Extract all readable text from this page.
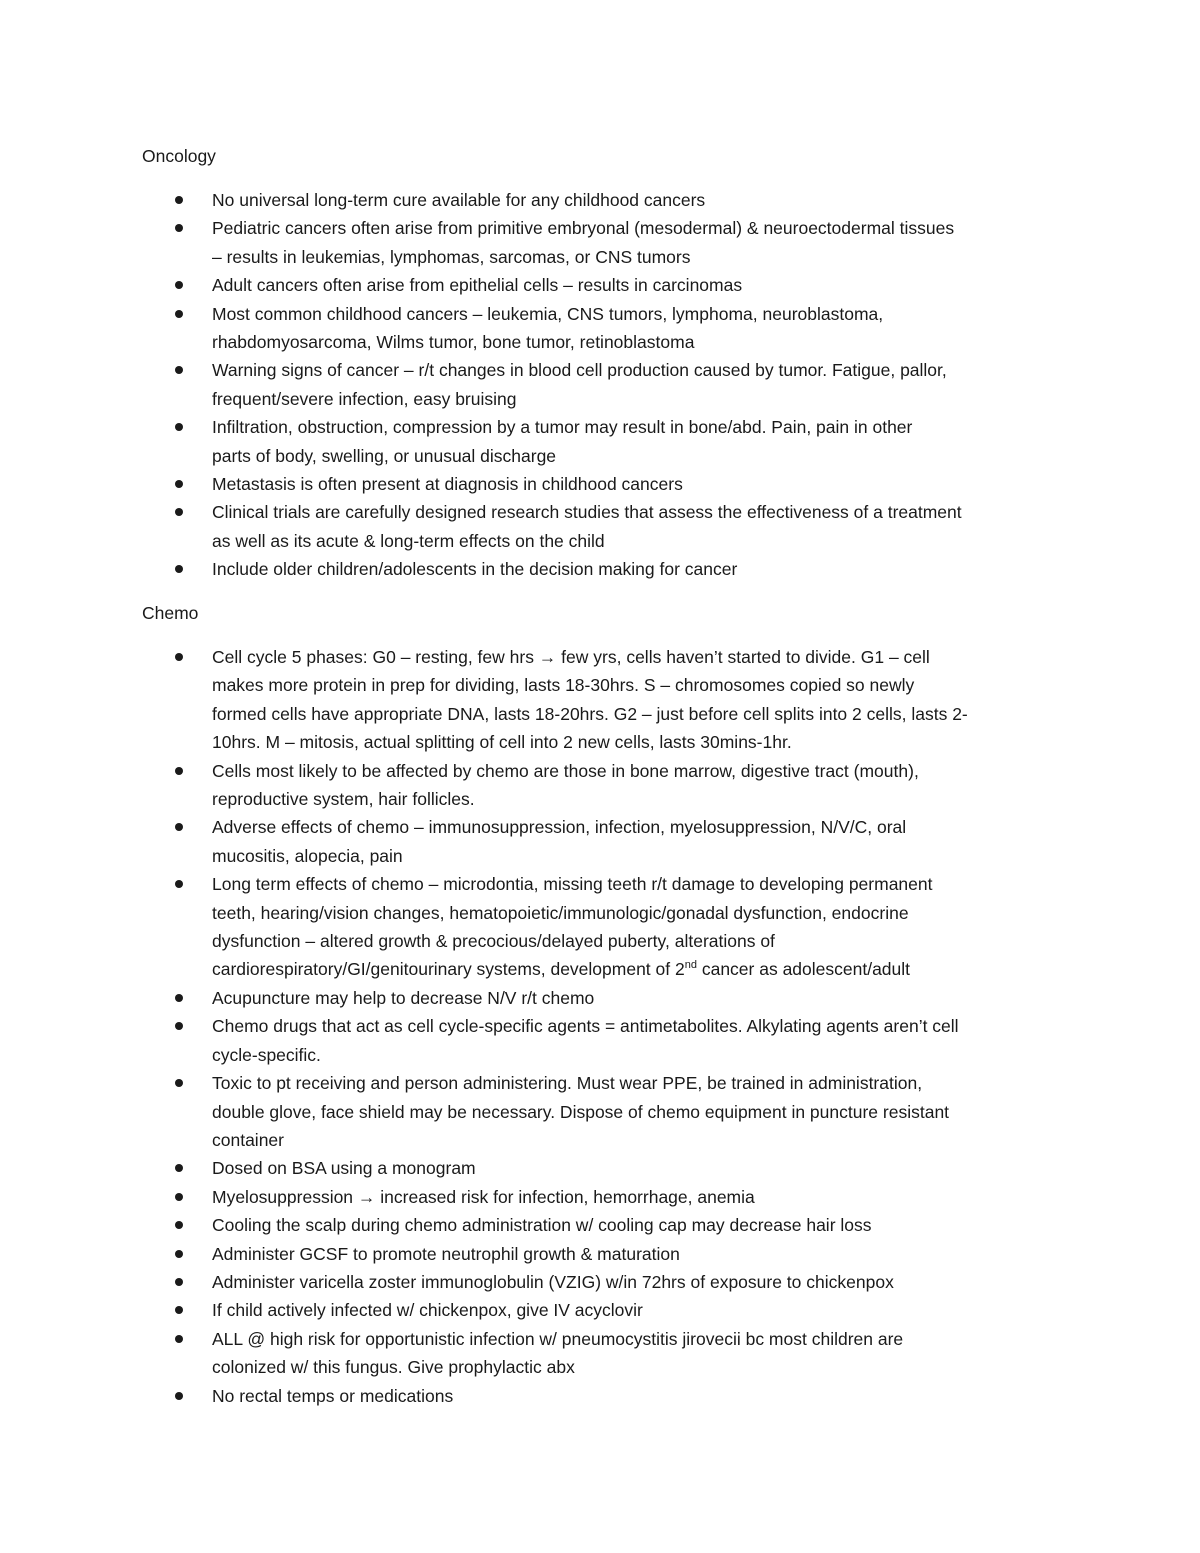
Oncology
No universal long-term cure available for any childhood cancers
Pediatric cancers often arise from primitive embryonal (mesodermal) & neuroectodermal tissues
– results in leukemias, lymphomas, sarcomas, or CNS tumors
Adult cancers often arise from epithelial cells – results in carcinomas
Most common childhood cancers – leukemia, CNS tumors, lymphoma, neuroblastoma,
rhabdomyosarcoma, Wilms tumor, bone tumor, retinoblastoma
Warning signs of cancer – r/t changes in blood cell production caused by tumor. Fatigue, pallor,
frequent/severe infection, easy bruising
Infiltration, obstruction, compression by a tumor may result in bone/abd. Pain, pain in other
parts of body, swelling, or unusual discharge
Metastasis is often present at diagnosis in childhood cancers
Clinical trials are carefully designed research studies that assess the effectiveness of a treatment
as well as its acute & long-term effects on the child
Include older children/adolescents in the decision making for cancer
Chemo
Cell cycle 5 phases: G0 – resting, few hrs → few yrs, cells haven’t started to divide. G1 – cell
makes more protein in prep for dividing, lasts 18-30hrs. S – chromosomes copied so newly
formed cells have appropriate DNA, lasts 18-20hrs. G2 – just before cell splits into 2 cells, lasts 2-
10hrs. M – mitosis, actual splitting of cell into 2 new cells, lasts 30mins-1hr.
Cells most likely to be affected by chemo are those in bone marrow, digestive tract (mouth),
reproductive system, hair follicles.
Adverse effects of chemo – immunosuppression, infection, myelosuppression, N/V/C, oral
mucositis, alopecia, pain
Long term effects of chemo – microdontia, missing teeth r/t damage to developing permanent
teeth, hearing/vision changes, hematopoietic/immunologic/gonadal dysfunction, endocrine
dysfunction – altered growth & precocious/delayed puberty, alterations of
cardiorespiratory/GI/genitourinary systems, development of 2nd cancer as adolescent/adult
Acupuncture may help to decrease N/V r/t chemo
Chemo drugs that act as cell cycle-specific agents = antimetabolites. Alkylating agents aren’t cell
cycle-specific.
Toxic to pt receiving and person administering. Must wear PPE, be trained in administration,
double glove, face shield may be necessary. Dispose of chemo equipment in puncture resistant
container
Dosed on BSA using a monogram
Myelosuppression → increased risk for infection, hemorrhage, anemia
Cooling the scalp during chemo administration w/ cooling cap may decrease hair loss
Administer GCSF to promote neutrophil growth & maturation
Administer varicella zoster immunoglobulin (VZIG) w/in 72hrs of exposure to chickenpox
If child actively infected w/ chickenpox, give IV acyclovir
ALL @ high risk for opportunistic infection w/ pneumocystitis jirovecii bc most children are
colonized w/ this fungus. Give prophylactic abx
No rectal temps or medications
